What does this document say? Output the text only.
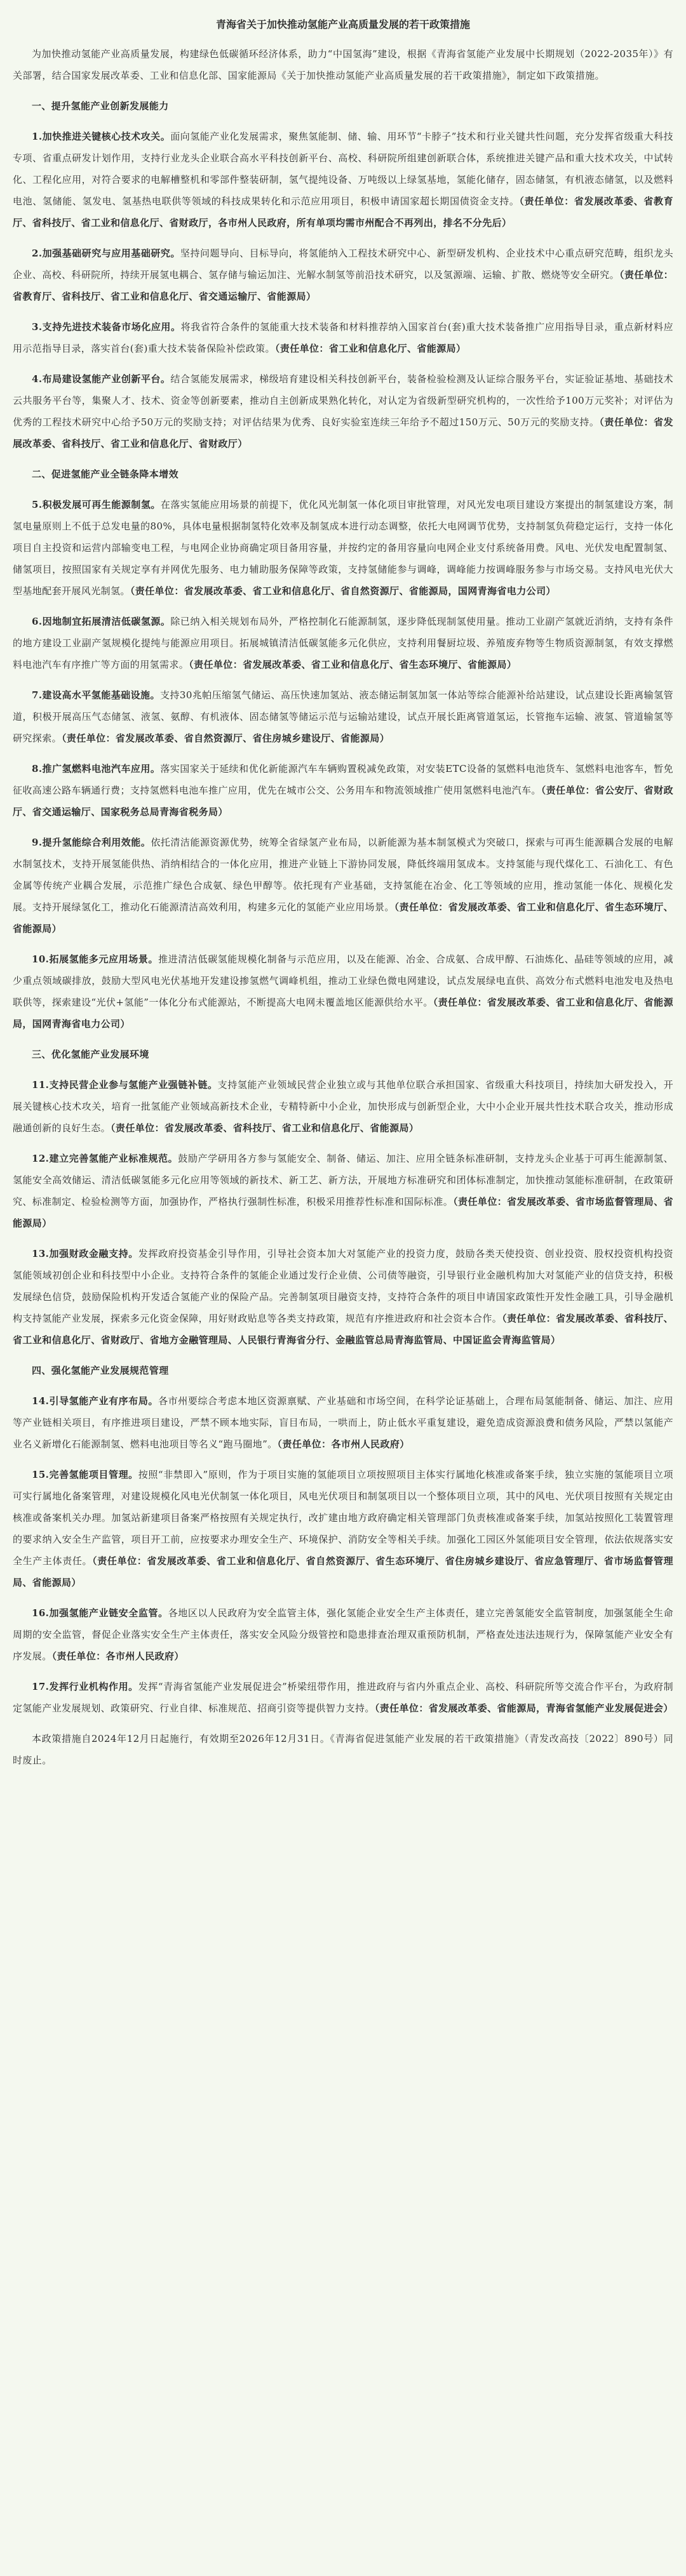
青海省关于加快推动氢能产业高质量发展的若干政策措施

为加快推动氢能产业高质量发展，构建绿色低碳循环经济体系，助力“中国氢海”建设，根据《青海省氢能产业发展中长期规划（2022-2035年）》有关部署，结合国家发展改革委、工业和信息化部、国家能源局《关于加快推动氢能产业高质量发展的若干政策措施》，制定如下政策措施。

一、提升氢能产业创新发展能力

1.加快推进关键核心技术攻关。面向氢能产业化发展需求，聚焦氢能制、储、输、用环节“卡脖子”技术和行业关键共性问题，充分发挥省级重大科技专项、省重点研发计划作用，支持行业龙头企业联合高水平科技创新平台、高校、科研院所组建创新联合体，系统推进关键产品和重大技术攻关，中试转化、工程化应用，对符合要求的电解槽整机和零部件整装研制，氢气提纯设备、万吨级以上绿氢基地，氢能化储存，固态储氢，有机液态储氢，以及燃料电池、氢储能、氢发电、氢基热电联供等领域的科技成果转化和示范应用项目，积极申请国家超长期国债资金支持。（责任单位：省发展改革委、省教育厅、省科技厅、省工业和信息化厅、省财政厅，各市州人民政府，所有单项均需市州配合不再列出，排名不分先后）

2.加强基础研究与应用基础研究。坚持问题导向、目标导向，将氢能纳入工程技术研究中心、新型研发机构、企业技术中心重点研究范畴，组织龙头企业、高校、科研院所，持续开展氢电耦合、氢存储与输运加注、光解水制氢等前沿技术研究，以及氢源端、运输、扩散、燃烧等安全研究。（责任单位：省教育厅、省科技厅、省工业和信息化厅、省交通运输厅、省能源局）

3.支持先进技术装备市场化应用。将我省符合条件的氢能重大技术装备和材料推荐纳入国家首台(套)重大技术装备推广应用指导目录，重点新材料应用示范指导目录，落实首台(套)重大技术装备保险补偿政策。（责任单位：省工业和信息化厅、省能源局）

4.布局建设氢能产业创新平台。结合氢能发展需求，梯级培育建设相关科技创新平台，装备检验检测及认证综合服务平台，实证验证基地、基础技术云共服务平台等，集聚人才、技术、资金等创新要素，推动自主创新成果熟化转化，对认定为省级新型研究机构的，一次性给予100万元奖补；对评估为优秀的工程技术研究中心给予50万元的奖励支持；对评估结果为优秀、良好实验室连续三年给予不超过150万元、50万元的奖励支持。（责任单位：省发展改革委、省科技厅、省工业和信息化厅、省财政厅）

二、促进氢能产业全链条降本增效

5.积极发展可再生能源制氢。在落实氢能应用场景的前提下，优化风光制氢一体化项目审批管理，对风光发电项目建设方案提出的制氢建设方案，制氢电量原则上不低于总发电量的80%，具体电量根据制氢特化效率及制氢成本进行动态调整，依托大电网调节优势，支持制氢负荷稳定运行，支持一体化项目自主投资和运营内部输变电工程，与电网企业协商确定项目备用容量，并按约定的备用容量向电网企业支付系统备用费。风电、光伏发电配置制氢、储氢项目，按照国家有关规定享有并网优先服务、电力辅助服务保障等政策，支持氢储能参与调峰，调峰能力按调峰服务参与市场交易。支持风电光伏大型基地配套开展风光制氢。（责任单位：省发展改革委、省工业和信息化厅、省自然资源厅、省能源局，国网青海省电力公司）

6.因地制宜拓展清洁低碳氢源。除已纳入相关规划布局外，严格控制化石能源制氢，逐步降低现制氢使用量。推动工业副产氢就近消纳，支持有条件的地方建设工业副产氢规模化提纯与能源应用项目。拓展城镇清洁低碳氢能多元化供应，支持利用餐厨垃圾、养殖废弃物等生物质资源制氢，有效支撑燃料电池汽车有序推广等方面的用氢需求。（责任单位：省发展改革委、省工业和信息化厅、省生态环境厅、省能源局）

7.建设高水平氢能基础设施。支持30兆帕压缩氢气储运、高压快速加氢站、液态储运制氢加氢一体站等综合能源补给站建设，试点建设长距离输氢管道，积极开展高压气态储氢、液氢、氨醇、有机液体、固态储氢等储运示范与运输站建设，试点开展长距离管道氢运，长管拖车运输、液氢、管道输氢等研究探索。（责任单位：省发展改革委、省自然资源厅、省住房城乡建设厅、省能源局）

8.推广氢燃料电池汽车应用。落实国家关于延续和优化新能源汽车车辆购置税减免政策，对安装ETC设备的氢燃料电池货车、氢燃料电池客车，暂免征收高速公路车辆通行费；支持氢燃料电池车推广应用，优先在城市公交、公务用车和物流领域推广使用氢燃料电池汽车。（责任单位：省公安厅、省财政厅、省交通运输厅、国家税务总局青海省税务局）

9.提升氢能综合利用效能。依托清洁能源资源优势，统筹全省绿氢产业布局，以新能源为基本制氢模式为突破口，探索与可再生能源耦合发展的电解水制氢技术，支持开展氢能供热、消纳相结合的一体化应用，推进产业链上下游协同发展，降低终端用氢成本。支持氢能与现代煤化工、石油化工、有色金属等传统产业耦合发展，示范推广绿色合成氨、绿色甲醇等。依托现有产业基础，支持氢能在冶金、化工等领域的应用，推动氢能一体化、规模化发展。支持开展绿氢化工，推动化石能源清洁高效利用，构建多元化的氢能产业应用场景。（责任单位：省发展改革委、省工业和信息化厅、省生态环境厅、省能源局）

10.拓展氢能多元应用场景。推进清洁低碳氢能规模化制备与示范应用，以及在能源、冶金、合成氨、合成甲醇、石油炼化、晶硅等领域的应用，减少重点领域碳排放，鼓励大型风电光伏基地开发建设掺氢燃气调峰机组，推动工业绿色微电网建设，试点发展绿电直供、高效分布式燃料电池发电及热电联供等，探索建设“光伏+氢能”一体化分布式能源站，不断提高大电网未覆盖地区能源供给水平。（责任单位：省发展改革委、省工业和信息化厅、省能源局，国网青海省电力公司）

三、优化氢能产业发展环境

11.支持民营企业参与氢能产业强链补链。支持氢能产业领域民营企业独立或与其他单位联合承担国家、省级重大科技项目，持续加大研发投入，开展关键核心技术攻关，培育一批氢能产业领域高新技术企业，专精特新中小企业，加快形成与创新型企业，大中小企业开展共性技术联合攻关，推动形成融通创新的良好生态。（责任单位：省发展改革委、省科技厅、省工业和信息化厅、省能源局）

12.建立完善氢能产业标准规范。鼓励产学研用各方参与氢能安全、制备、储运、加注、应用全链条标准研制，支持龙头企业基于可再生能源制氢、氢能安全高效储运、清洁低碳氢能多元化应用等领域的新技术、新工艺、新方法，开展地方标准研究和团体标准制定，加快推动氢能标准研制，在政策研究、标准制定、检验检测等方面，加强协作，严格执行强制性标准，积极采用推荐性标准和国际标准。（责任单位：省发展改革委、省市场监督管理局、省能源局）

13.加强财政金融支持。发挥政府投资基金引导作用，引导社会资本加大对氢能产业的投资力度，鼓励各类天使投资、创业投资、股权投资机构投资氢能领域初创企业和科技型中小企业。支持符合条件的氢能企业通过发行企业债、公司债等融资，引导银行业金融机构加大对氢能产业的信贷支持，积极发展绿色信贷，鼓励保险机构开发适合氢能产业的保险产品。完善制氢项目融资支持，支持符合条件的项目申请国家政策性开发性金融工具，引导金融机构支持氢能产业发展，探索多元化资金保障，用好财政贴息等各类支持政策，规范有序推进政府和社会资本合作。（责任单位：省发展改革委、省科技厅、省工业和信息化厅、省财政厅、省地方金融管理局、人民银行青海省分行、金融监管总局青海监管局、中国证监会青海监管局）

四、强化氢能产业发展规范管理

14.引导氢能产业有序布局。各市州要综合考虑本地区资源禀赋、产业基础和市场空间，在科学论证基础上，合理布局氢能制备、储运、加注、应用等产业链相关项目，有序推进项目建设，严禁不顾本地实际，盲目布局，一哄而上，防止低水平重复建设，避免造成资源浪费和债务风险，严禁以氢能产业名义新增化石能源制氢、燃料电池项目等名义“跑马圈地”。（责任单位：各市州人民政府）

15.完善氢能项目管理。按照“非禁即入”原则，作为于项目实施的氢能项目立项按照项目主体实行属地化核准或备案手续，独立实施的氢能项目立项可实行属地化备案管理，对建设规模化风电光伏制氢一体化项目，风电光伏项目和制氢项目以一个整体项目立项，其中的风电、光伏项目按照有关规定由核准或备案机关办理。加氢站新建项目备案严格按照有关规定执行，改扩建由地方政府确定相关管理部门负责核准或备案手续，加氢站按照化工装置管理的要求纳入安全生产监管，项目开工前，应按要求办理安全生产、环境保护、消防安全等相关手续。加强化工园区外氢能项目安全管理，依法依规落实安全生产主体责任。（责任单位：省发展改革委、省工业和信息化厅、省自然资源厅、省生态环境厅、省住房城乡建设厅、省应急管理厅、省市场监督管理局、省能源局）

16.加强氢能产业链安全监管。各地区以人民政府为安全监管主体，强化氢能企业安全生产主体责任，建立完善氢能安全监管制度，加强氢能全生命周期的安全监管，督促企业落实安全生产主体责任，落实安全风险分级管控和隐患排查治理双重预防机制，严格查处违法违规行为，保障氢能产业安全有序发展。（责任单位：各市州人民政府）

17.发挥行业机构作用。发挥“青海省氢能产业发展促进会”桥梁纽带作用，推进政府与省内外重点企业、高校、科研院所等交流合作平台，为政府制定氢能产业发展规划、政策研究、行业自律、标准规范、招商引资等提供智力支持。（责任单位：省发展改革委、省能源局，青海省氢能产业发展促进会）

本政策措施自2024年12月日起施行，有效期至2026年12月31日。《青海省促进氢能产业发展的若干政策措施》（青发改高技〔2022〕890号）同时废止。
